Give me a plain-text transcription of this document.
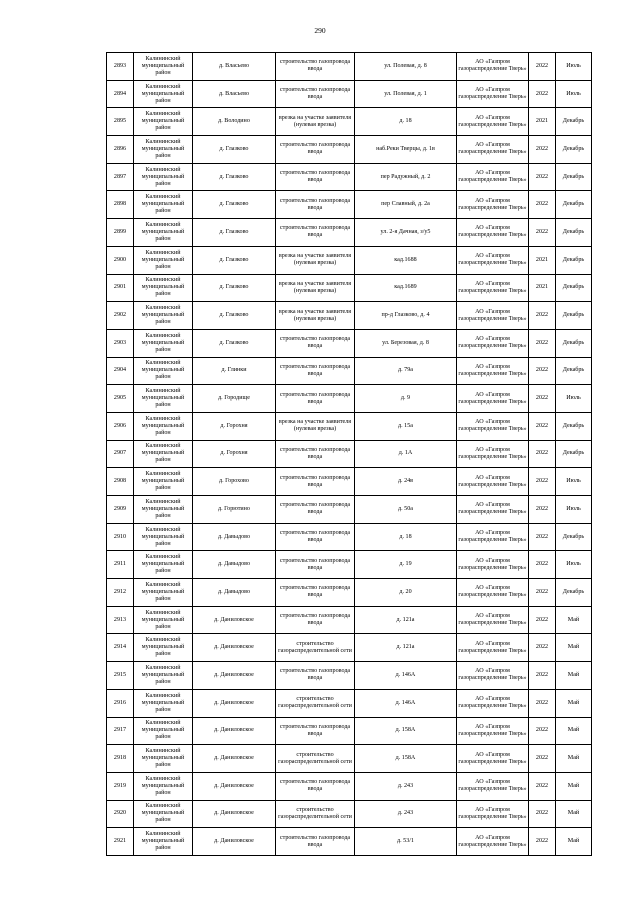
290
2893	Калининский муниципальный район	д. Власьево	строительство газопровода ввода	ул. Полевая, д. 8	АО «Газпром газораспределение Тверь»	2022	Июль
2894	Калининский муниципальный район	д. Власьево	строительство газопровода ввода	ул. Полевая, д. 1	АО «Газпром газораспределение Тверь»	2022	Июль
2895	Калининский муниципальный район	д. Володино	врезка на участке заявителя (нулевая врезка)	д. 18	АО «Газпром газораспределение Тверь»	2021	Декабрь
2896	Калининский муниципальный район	д. Глазково	строительство газопровода ввода	наб.Реки Тверцы, д. 1в	АО «Газпром газораспределение Тверь»	2022	Декабрь
2897	Калининский муниципальный район	д. Глазково	строительство газопровода ввода	пер Радужный, д. 2	АО «Газпром газораспределение Тверь»	2022	Декабрь
2898	Калининский муниципальный район	д. Глазково	строительство газопровода ввода	пер Славный, д. 2а	АО «Газпром газораспределение Тверь»	2022	Декабрь
2899	Калининский муниципальный район	д. Глазково	строительство газопровода ввода	ул. 2-я Дачная, з/у5	АО «Газпром газораспределение Тверь»	2022	Декабрь
2900	Калининский муниципальный район	д. Глазково	врезка на участке заявителя (нулевая врезка)	кад.1688	АО «Газпром газораспределение Тверь»	2021	Декабрь
2901	Калининский муниципальный район	д. Глазково	врезка на участке заявителя (нулевая врезка)	кад.1689	АО «Газпром газораспределение Тверь»	2021	Декабрь
2902	Калининский муниципальный район	д. Глазково	врезка на участке заявителя (нулевая врезка)	пр-д Глазково, д. 4	АО «Газпром газораспределение Тверь»	2022	Декабрь
2903	Калининский муниципальный район	д. Глазково	строительство газопровода ввода	ул. Березовая, д. 8	АО «Газпром газораспределение Тверь»	2022	Декабрь
2904	Калининский муниципальный район	д. Глинки	строительство газопровода ввода	д. 79а	АО «Газпром газораспределение Тверь»	2022	Декабрь
2905	Калининский муниципальный район	д. Городище	строительство газопровода ввода	д. 9	АО «Газпром газораспределение Тверь»	2022	Июль
2906	Калининский муниципальный район	д. Горохня	врезка на участке заявителя (нулевая врезка)	д. 15а	АО «Газпром газораспределение Тверь»	2022	Декабрь
2907	Калининский муниципальный район	д. Горохня	строительство газопровода ввода	д. 1А	АО «Газпром газораспределение Тверь»	2022	Декабрь
2908	Калининский муниципальный район	д. Гороховo	строительство газопровода ввода	д. 24в	АО «Газпром газораспределение Тверь»	2022	Июль
2909	Калининский муниципальный район	д. Горютино	строительство газопровода ввода	д. 50а	АО «Газпром газораспределение Тверь»	2022	Июль
2910	Калининский муниципальный район	д. Давыдово	строительство газопровода ввода	д. 18	АО «Газпром газораспределение Тверь»	2022	Декабрь
2911	Калининский муниципальный район	д. Давыдово	строительство газопровода ввода	д. 19	АО «Газпром газораспределение Тверь»	2022	Июль
2912	Калининский муниципальный район	д. Давыдово	строительство газопровода ввода	д. 20	АО «Газпром газораспределение Тверь»	2022	Декабрь
2913	Калининский муниципальный район	д. Даниловское	строительство газопровода ввода	д. 121а	АО «Газпром газораспределение Тверь»	2022	Май
2914	Калининский муниципальный район	д. Даниловское	строительство газораспределительной сети	д. 121а	АО «Газпром газораспределение Тверь»	2022	Май
2915	Калининский муниципальный район	д. Даниловское	строительство газопровода ввода	д. 146А	АО «Газпром газораспределение Тверь»	2022	Май
2916	Калининский муниципальный район	д. Даниловское	строительство газораспределительной сети	д. 146А	АО «Газпром газораспределение Тверь»	2022	Май
2917	Калининский муниципальный район	д. Даниловское	строительство газопровода ввода	д. 158А	АО «Газпром газораспределение Тверь»	2022	Май
2918	Калининский муниципальный район	д. Даниловское	строительство газораспределительной сети	д. 158А	АО «Газпром газораспределение Тверь»	2022	Май
2919	Калининский муниципальный район	д. Даниловское	строительство газопровода ввода	д. 243	АО «Газпром газораспределение Тверь»	2022	Май
2920	Калининский муниципальный район	д. Даниловское	строительство газораспределительной сети	д. 243	АО «Газпром газораспределение Тверь»	2022	Май
2921	Калининский муниципальный район	д. Даниловское	строительство газопровода ввода	д. 53/1	АО «Газпром газораспределение Тверь»	2022	Май
